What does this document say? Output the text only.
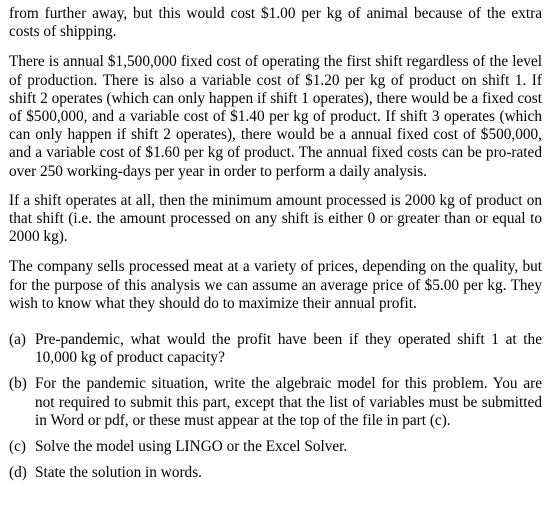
from further away, but this would cost $1.00 per kg of animal because of the extra costs of shipping.

There is annual $1,500,000 fixed cost of operating the first shift regardless of the level of production. There is also a variable cost of $1.20 per kg of product on shift 1. If shift 2 operates (which can only happen if shift 1 operates), there would be a fixed cost of $500,000, and a variable cost of $1.40 per kg of product. If shift 3 operates (which can only happen if shift 2 operates), there would be a annual fixed cost of $500,000, and a variable cost of $1.60 per kg of product. The annual fixed costs can be pro-rated over 250 working-days per year in order to perform a daily analysis.

If a shift operates at all, then the minimum amount processed is 2000 kg of product on that shift (i.e. the amount processed on any shift is either 0 or greater than or equal to 2000 kg).

The company sells processed meat at a variety of prices, depending on the quality, but for the purpose of this analysis we can assume an average price of $5.00 per kg. They wish to know what they should do to maximize their annual profit.

(a) Pre-pandemic, what would the profit have been if they operated shift 1 at the 10,000 kg of product capacity?
(b) For the pandemic situation, write the algebraic model for this problem. You are not required to submit this part, except that the list of variables must be submitted in Word or pdf, or these must appear at the top of the file in part (c).
(c) Solve the model using LINGO or the Excel Solver.
(d) State the solution in words.
